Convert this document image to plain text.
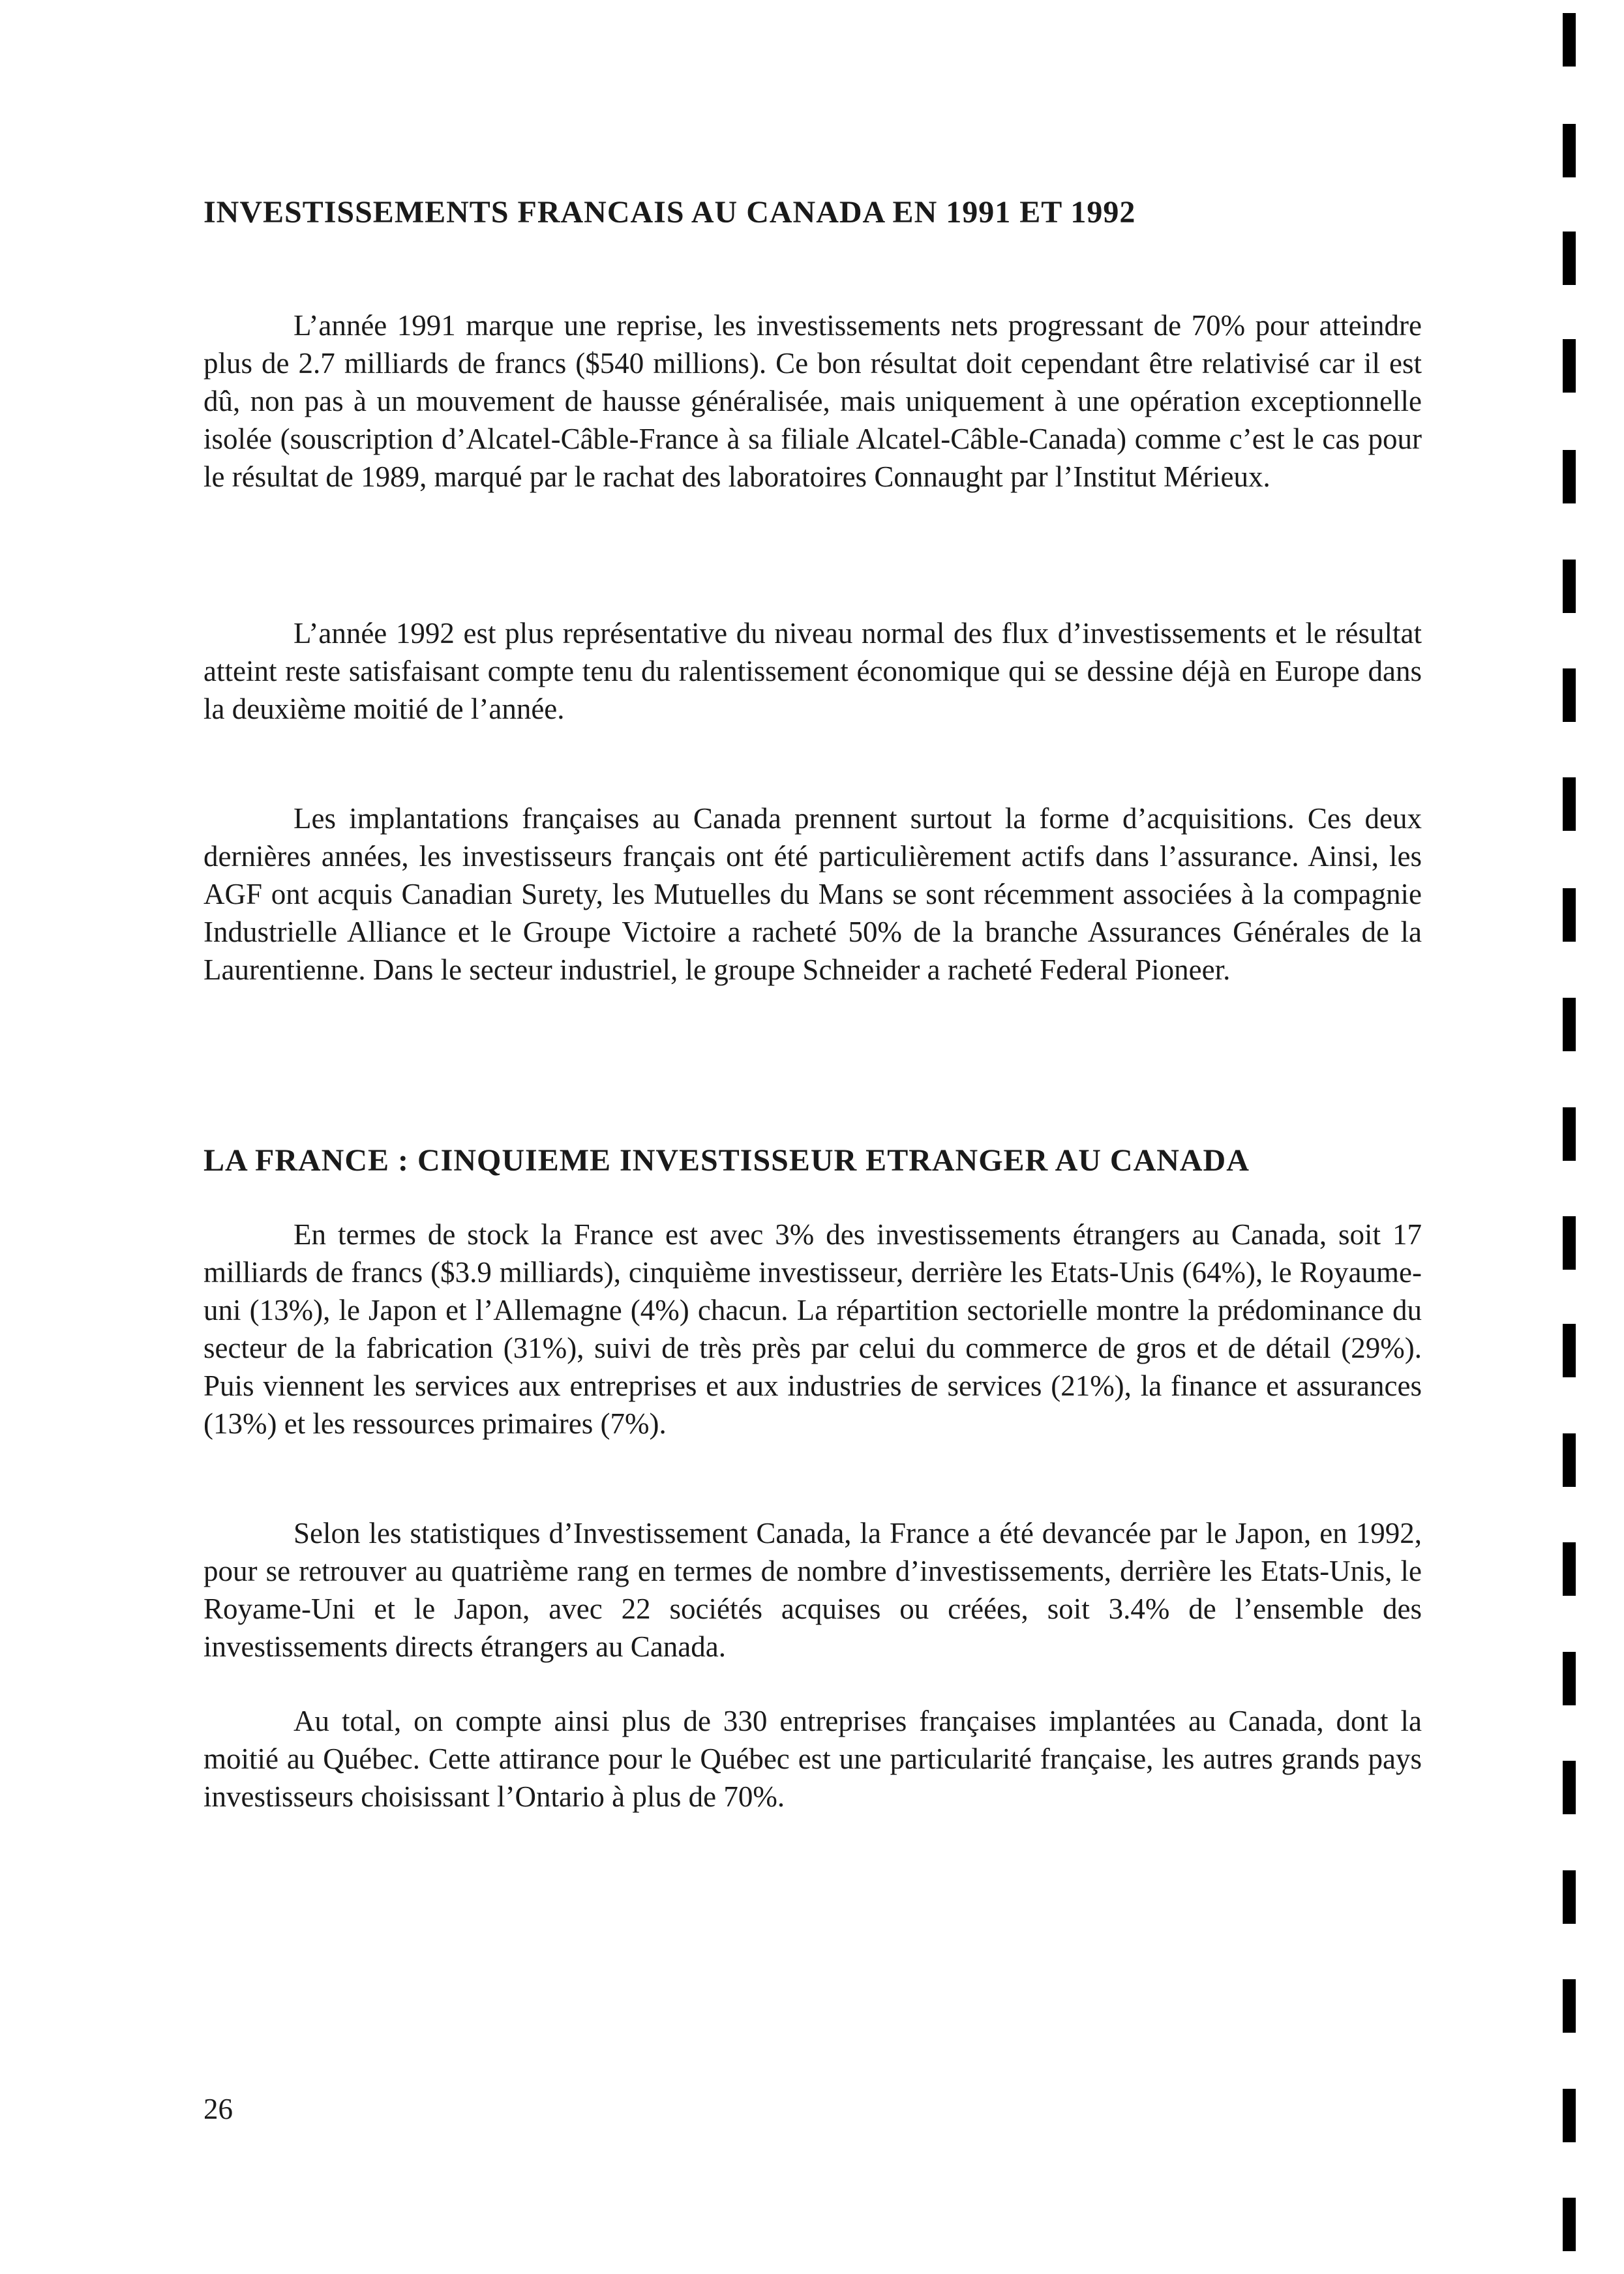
INVESTISSEMENTS FRANCAIS AU CANADA EN 1991 ET 1992

L’année 1991 marque une reprise, les investissements nets progressant de 70% pour atteindre plus de 2.7 milliards de francs ($540 millions). Ce bon résultat doit cependant être relativisé car il est dû, non pas à un mouvement de hausse généralisée, mais uniquement à une opération exceptionnelle isolée (souscription d’Alcatel-Câble-France à sa filiale Alcatel-Câble-Canada) comme c’est le cas pour le résultat de 1989, marqué par le rachat des laboratoires Connaught par l’Institut Mérieux.

L’année 1992 est plus représentative du niveau normal des flux d’investissements et le résultat atteint reste satisfaisant compte tenu du ralentissement économique qui se dessine déjà en Europe dans la deuxième moitié de l’année.

Les implantations françaises au Canada prennent surtout la forme d’acquisitions. Ces deux dernières années, les investisseurs français ont été particulièrement actifs dans l’assurance. Ainsi, les AGF ont acquis Canadian Surety, les Mutuelles du Mans se sont récemment associées à la compagnie Industrielle Alliance et le Groupe Victoire a racheté 50% de la branche Assurances Générales de la Laurentienne. Dans le secteur industriel, le groupe Schneider a racheté Federal Pioneer.

LA FRANCE : CINQUIEME INVESTISSEUR ETRANGER AU CANADA

En termes de stock la France est avec 3% des investissements étrangers au Canada, soit 17 milliards de francs ($3.9 milliards), cinquième investisseur, derrière les Etats-Unis (64%), le Royaume-uni (13%), le Japon et l’Allemagne (4%) chacun. La répartition sectorielle montre la prédominance du secteur de la fabrication (31%), suivi de très près par celui du commerce de gros et de détail (29%). Puis viennent les services aux entreprises et aux industries de services (21%), la finance et assurances (13%) et les ressources primaires (7%).

Selon les statistiques d’Investissement Canada, la France a été devancée par le Japon, en 1992, pour se retrouver au quatrième rang en termes de nombre d’investissements, derrière les Etats-Unis, le Royame-Uni et le Japon, avec 22 sociétés acquises ou créées, soit 3.4% de l’ensemble des investissements directs étrangers au Canada.

Au total, on compte ainsi plus de 330 entreprises françaises implantées au Canada, dont la moitié au Québec. Cette attirance pour le Québec est une particularité française, les autres grands pays investisseurs choisissant l’Ontario à plus de 70%.

26
